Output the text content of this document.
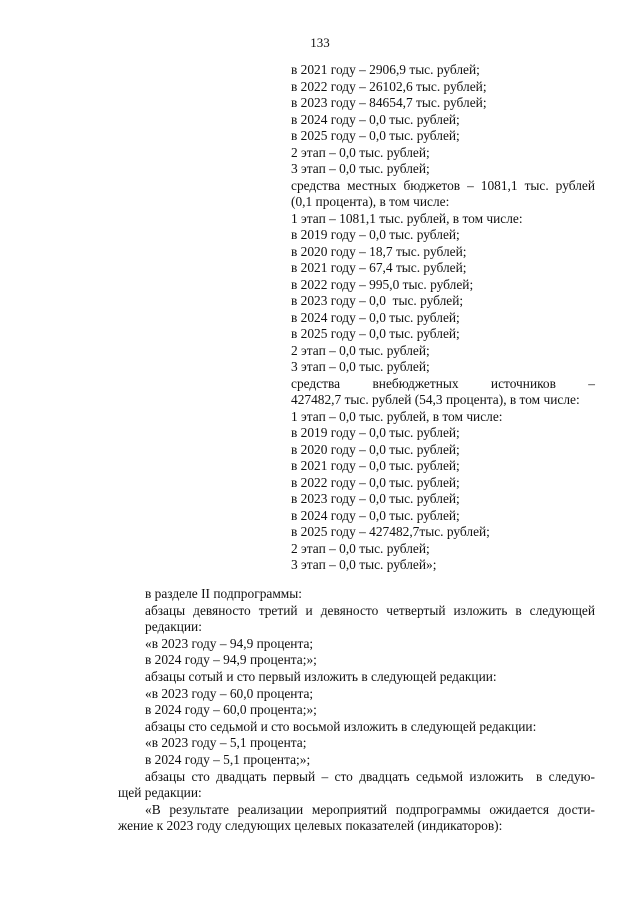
133
в 2021 году – 2906,9 тыс. рублей;
в 2022 году – 26102,6 тыс. рублей;
в 2023 году – 84654,7 тыс. рублей;
в 2024 году – 0,0 тыс. рублей;
в 2025 году – 0,0 тыс. рублей;
2 этап – 0,0 тыс. рублей;
3 этап – 0,0 тыс. рублей;
средства местных бюджетов – 1081,1 тыс. рублей
(0,1 процента), в том числе:
1 этап – 1081,1 тыс. рублей, в том числе:
в 2019 году – 0,0 тыс. рублей;
в 2020 году – 18,7 тыс. рублей;
в 2021 году – 67,4 тыс. рублей;
в 2022 году – 995,0 тыс. рублей;
в 2023 году – 0,0  тыс. рублей;
в 2024 году – 0,0 тыс. рублей;
в 2025 году – 0,0 тыс. рублей;
2 этап – 0,0 тыс. рублей;
3 этап – 0,0 тыс. рублей;
средства внебюджетных источников –
427482,7 тыс. рублей (54,3 процента), в том числе:
1 этап – 0,0 тыс. рублей, в том числе:
в 2019 году – 0,0 тыс. рублей;
в 2020 году – 0,0 тыс. рублей;
в 2021 году – 0,0 тыс. рублей;
в 2022 году – 0,0 тыс. рублей;
в 2023 году – 0,0 тыс. рублей;
в 2024 году – 0,0 тыс. рублей;
в 2025 году – 427482,7тыс. рублей;
2 этап – 0,0 тыс. рублей;
3 этап – 0,0 тыс. рублей»;

в разделе II подпрограммы:

абзацы девяносто третий и девяносто четвертый изложить в следующей

редакции:

«в 2023 году – 94,9 процента;

в 2024 году – 94,9 процента;»;

абзацы сотый и сто первый изложить в следующей редакции:

«в 2023 году – 60,0 процента;

в 2024 году – 60,0 процента;»;

абзацы сто седьмой и сто восьмой изложить в следующей редакции:

«в 2023 году – 5,1 процента;

в 2024 году – 5,1 процента;»;

абзацы сто двадцать первый – сто двадцать седьмой изложить  в следую-

щей редакции:

«В результате реализации мероприятий подпрограммы ожидается дости-

жение к 2023 году следующих целевых показателей (индикаторов):
